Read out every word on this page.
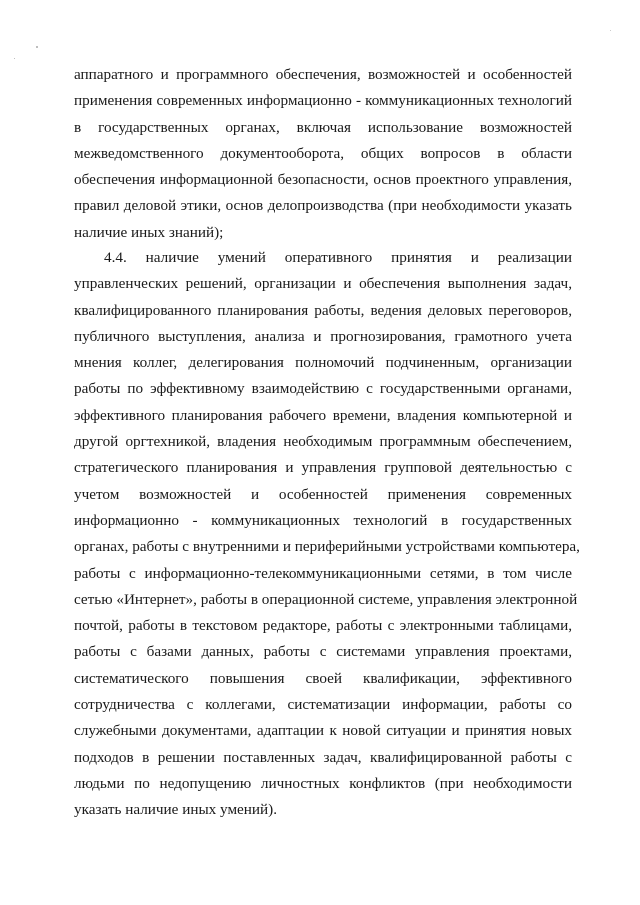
аппаратного и программного обеспечения, возможностей и особенностей
применения современных информационно - коммуникационных технологий
в государственных органах, включая использование возможностей
межведомственного документооборота, общих вопросов в области
обеспечения информационной безопасности, основ проектного управления,
правил деловой этики, основ делопроизводства (при необходимости указать
наличие иных знаний);
4.4. наличие умений оперативного принятия и реализации
управленческих решений, организации и обеспечения выполнения задач,
квалифицированного планирования работы, ведения деловых переговоров,
публичного выступления, анализа и прогнозирования, грамотного учета
мнения коллег, делегирования полномочий подчиненным, организации
работы по эффективному взаимодействию с государственными органами,
эффективного планирования рабочего времени, владения компьютерной и
другой оргтехникой, владения необходимым программным обеспечением,
стратегического планирования и управления групповой деятельностью с
учетом возможностей и особенностей применения современных
информационно - коммуникационных технологий в государственных
органах, работы с внутренними и периферийными устройствами компьютера,
работы с информационно-телекоммуникационными сетями, в том числе
сетью «Интернет», работы в операционной системе, управления электронной
почтой, работы в текстовом редакторе, работы с электронными таблицами,
работы с базами данных, работы с системами управления проектами,
систематического повышения своей квалификации, эффективного
сотрудничества с коллегами, систематизации информации, работы со
служебными документами, адаптации к новой ситуации и принятия новых
подходов в решении поставленных задач, квалифицированной работы с
людьми по недопущению личностных конфликтов (при необходимости
указать наличие иных умений).
